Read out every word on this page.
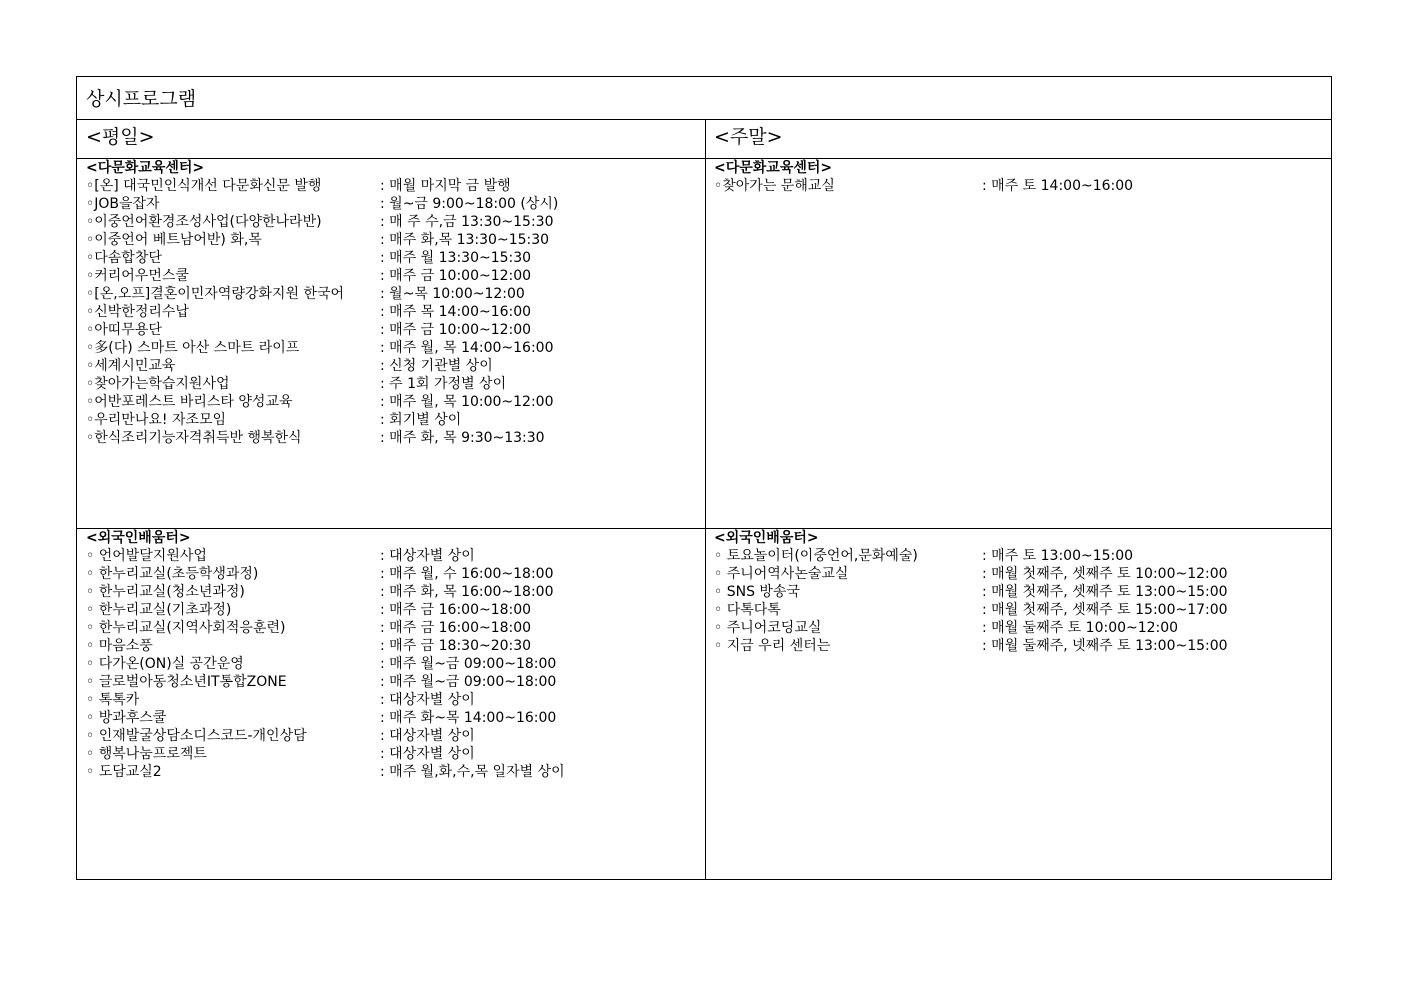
상시프로그램
<평일>	<주말>
<다문화교육센터>
◦[온] 대국민인식개선 다문화신문 발행	: 매월 마지막 금 발행
◦JOB을잡자	: 월~금 9:00~18:00 (상시)
◦이중언어환경조성사업(다양한나라반)	: 매 주 수,금 13:30~15:30
◦이중언어 베트남어반) 화,목	: 매주 화,목 13:30~15:30
◦다솜합창단	: 매주 월 13:30~15:30
◦커리어우먼스쿨	: 매주 금 10:00~12:00
◦[온,오프]결혼이민자역량강화지원 한국어	: 월~목 10:00~12:00
◦신박한정리수납	: 매주 목 14:00~16:00
◦아띠무용단	: 매주 금 10:00~12:00
◦多(다) 스마트 아산 스마트 라이프	: 매주 월, 목 14:00~16:00
◦세계시민교육	: 신청 기관별 상이
◦찾아가는학습지원사업	: 주 1회 가정별 상이
◦어반포레스트 바리스타 양성교육	: 매주 월, 목 10:00~12:00
◦우리만나요! 자조모임	: 회기별 상이
◦한식조리기능자격취득반 행복한식	: 매주 화, 목 9:30~13:30
<다문화교육센터>
◦찾아가는 문해교실	: 매주 토 14:00~16:00
<외국인배움터>
◦ 언어발달지원사업	: 대상자별 상이
◦ 한누리교실(초등학생과정)	: 매주 월, 수 16:00~18:00
◦ 한누리교실(청소년과정)	: 매주 화, 목 16:00~18:00
◦ 한누리교실(기초과정)	: 매주 금 16:00~18:00
◦ 한누리교실(지역사회적응훈련)	: 매주 금 16:00~18:00
◦ 마음소풍	: 매주 금 18:30~20:30
◦ 다가온(ON)실 공간운영	: 매주 월~금 09:00~18:00
◦ 글로벌아동청소년IT통합ZONE	: 매주 월~금 09:00~18:00
◦ 톡톡카	: 대상자별 상이
◦ 방과후스쿨	: 매주 화~목 14:00~16:00
◦ 인재발굴상담소디스코드-개인상담	: 대상자별 상이
◦ 행복나눔프로젝트	: 대상자별 상이
◦ 도담교실2	: 매주 월,화,수,목 일자별 상이
<외국인배움터>
◦ 토요놀이터(이중언어,문화예술)	: 매주 토 13:00~15:00
◦ 주니어역사논술교실	: 매월 첫째주, 셋째주 토 10:00~12:00
◦ SNS 방송국	: 매월 첫째주, 셋째주 토 13:00~15:00
◦ 다톡다톡	: 매월 첫째주, 셋째주 토 15:00~17:00
◦ 주니어코딩교실	: 매월 둘째주 토 10:00~12:00
◦ 지금 우리 센터는	: 매월 둘째주, 넷째주 토 13:00~15:00
